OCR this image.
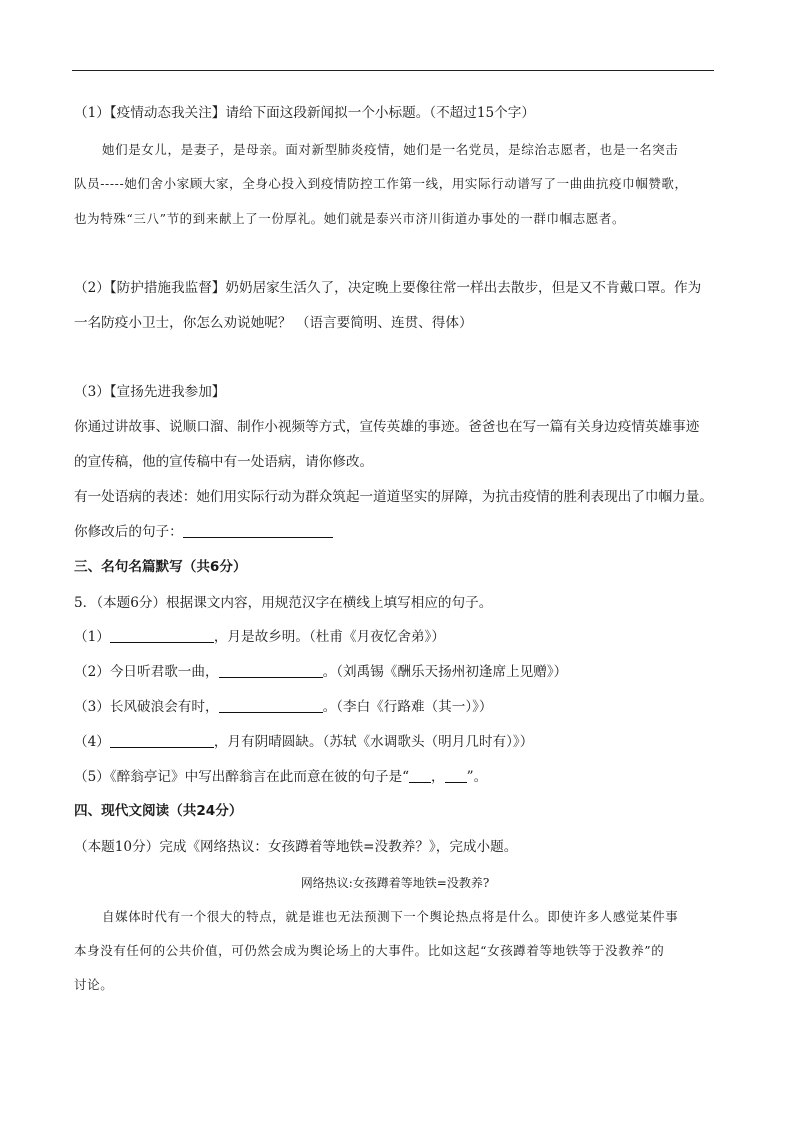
（1）【疫情动态我关注】请给下面这段新闻拟一个小标题。（不超过15个字）
她们是女儿，是妻子，是母亲。面对新型肺炎疫情，她们是一名党员，是综治志愿者，也是一名突击
队员-----她们舍小家顾大家，全身心投入到疫情防控工作第一线，用实际行动谱写了一曲曲抗疫巾帼赞歌，
也为特殊“三八”节的到来献上了一份厚礼。她们就是泰兴市济川街道办事处的一群巾帼志愿者。
（2）【防护措施我监督】奶奶居家生活久了，决定晚上要像往常一样出去散步，但是又不肯戴口罩。作为
一名防疫小卫士，你怎么劝说她呢？ （语言要简明、连贯、得体）
（3）【宣扬先进我参加】
你通过讲故事、说顺口溜、制作小视频等方式，宣传英雄的事迹。爸爸也在写一篇有关身边疫情英雄事迹
的宣传稿，他的宣传稿中有一处语病，请你修改。
有一处语病的表述：她们用实际行动为群众筑起一道道坚实的屏障，为抗击疫情的胜利表现出了巾帼力量。
你修改后的句子：
三、名句名篇默写（共6分）
5．（本题6分）根据课文内容，用规范汉字在横线上填写相应的句子。
（1）	，月是故乡明。（杜甫《月夜忆舍弟》）
（2）今日听君歌一曲，	。（刘禹锡《酬乐天扬州初逢席上见赠》）
（3）长风破浪会有时，	。（李白《行路难（其一）》）
（4）	，月有阴晴圆缺。（苏轼《水调歌头（明月几时有）》）
（5）《醉翁亭记》中写出醉翁言在此而意在彼的句子是“ ， ”。
四、现代文阅读（共24分）
（本题10分）完成《网络热议：女孩蹲着等地铁=没教养？》，完成小题。
网络热议:女孩蹲着等地铁=没教养?
自媒体时代有一个很大的特点，就是谁也无法预测下一个舆论热点将是什么。即使许多人感觉某件事
本身没有任何的公共价值，可仍然会成为舆论场上的大事件。比如这起“女孩蹲着等地铁等于没教养”的
讨论。
